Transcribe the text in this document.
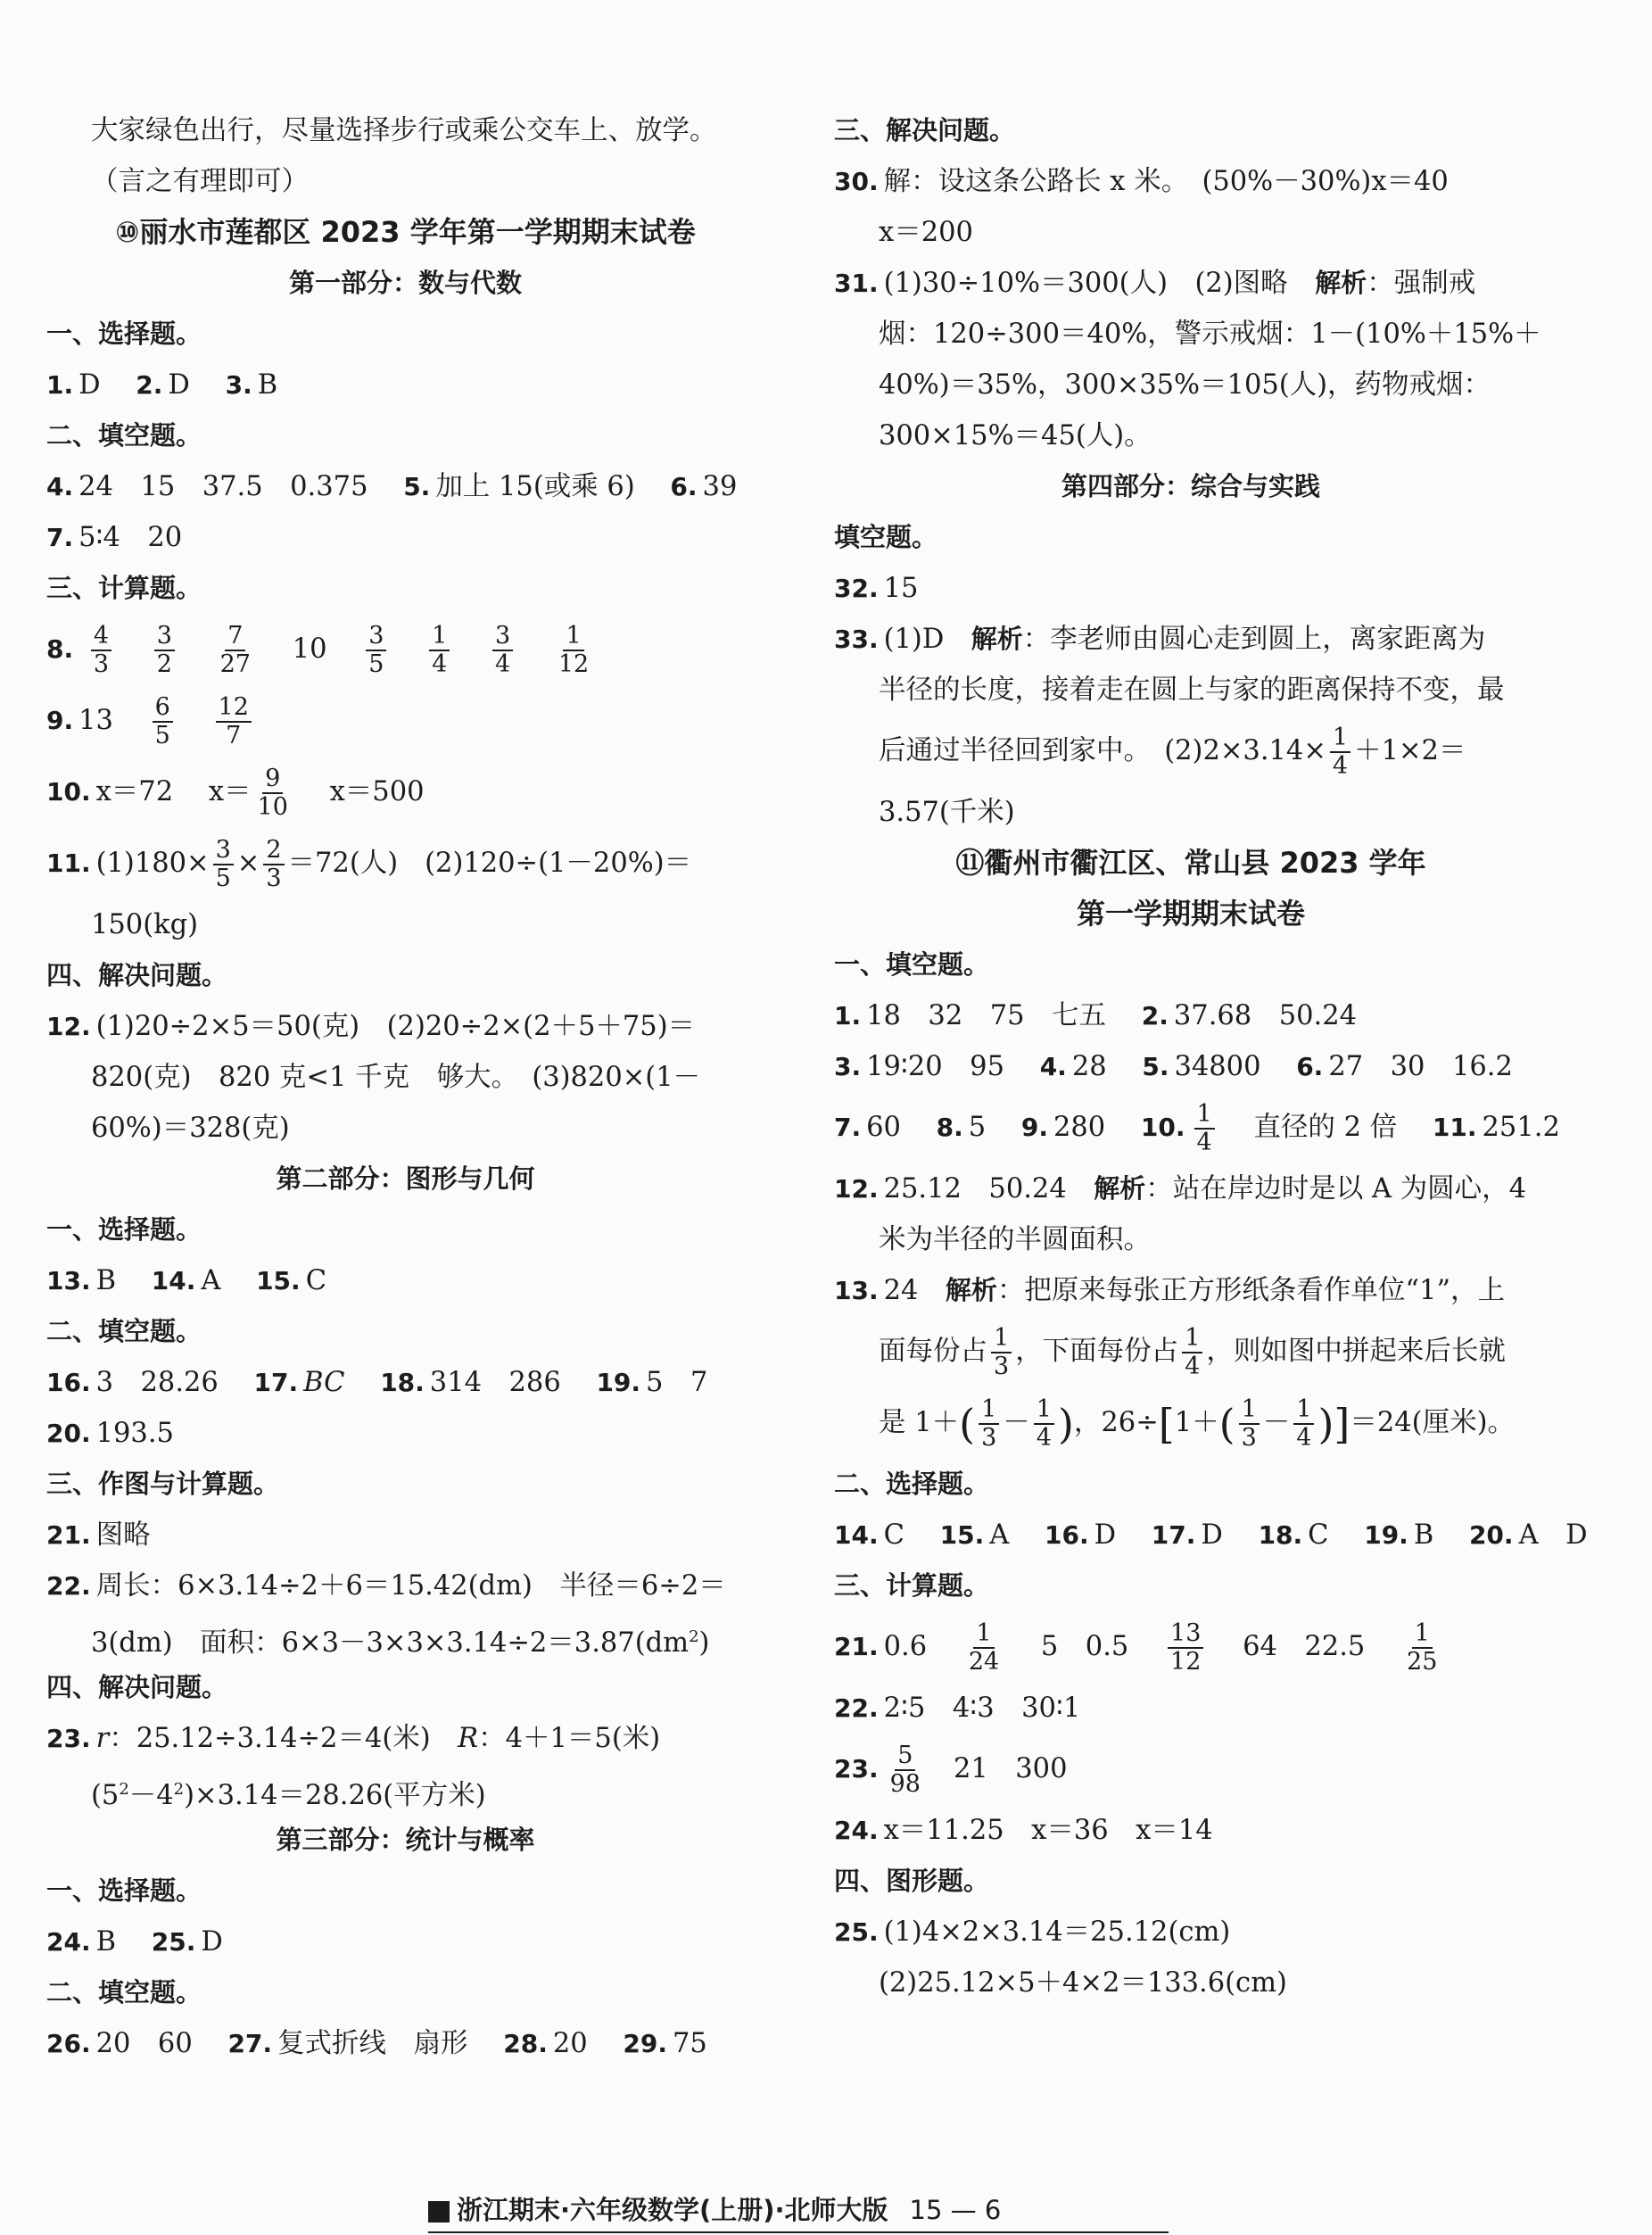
大家绿色出行，尽量选择步行或乘公交车上、放学。
（言之有理即可）
⑩丽水市莲都区 2023 学年第一学期期末试卷
第一部分：数与代数
一、选择题。
1. D 2. D 3. B
二、填空题。
4. 24　15　37.5　0.375 5. 加上 15(或乘 6) 6. 39
7. 5∶4　20
三、计算题。
8. $\frac{4}{3}$
$\frac{3}{2}$
$\frac{7}{27} 10 \frac{3}{5}$
$\frac{1}{4}$
$\frac{3}{4}$
$\frac{1}{12}$
9. $13 \frac{6}{5}$
$\frac{12}{7}$
10. x＝72 $x= \frac{9}{10} x=500$
11. $(1)180\times \frac{3}{5} \times \frac{2}{3} =72$(人) (2)120÷(1－20%)＝
150(kg)
四、解决问题。
12. (1)20÷2×5＝50(克)　(2)20÷2×(2＋5＋75)＝
820(克)　820 克<1 千克　够大。　(3)820×(1－
60%)＝328(克)
第二部分：图形与几何
一、选择题。
13. B 14. A 15. C
二、填空题。
16. 3　28.26 17. BC 18. 314　286 19. 5　7
20. 193.5
三、作图与计算题。
21. 图略
22. 周长：6×3.14÷2＋6＝15.42(dm)　半径＝6÷2＝
3(dm)　面积：$6\times 3-3\times 3\times 3.14\div 2=3.87(dm^2)$
四、解决问题。
23. r：25.12÷3.14÷2＝4(米)　R：4＋1＝5(米)
$(5^2-4^2)\times 3.14=28.26$(平方米)
第三部分：统计与概率
一、选择题。
24. B 25. D
二、填空题。
26. 20　60 27. 复式折线　扇形 28. 20 29. 75
三、解决问题。
30. 解：设这条公路长 x 米。　(50%－30%)x＝40
x＝200
31. (1)30÷10%＝300(人)　(2)图略　解析：强制戒
烟：120÷300＝40%，警示戒烟：1－(10%＋15%＋
40%)＝35%，300×35%＝105(人)，药物戒烟：
300×15%＝45(人)。
第四部分：综合与实践
填空题。
32. 15
33. (1)D　解析：李老师由圆心走到圆上，离家距离为
半径的长度，接着走在圆上与家的距离保持不变，最
后通过半径回到家中。　$(2)2\times 3.14\times \frac{1}{4} +1\times 2=$
3.57(千米)
⑪衢州市衢江区、常山县 2023 学年
第一学期期末试卷
一、填空题。
1. 18　32　75　七五 2. 37.68　50.24
3. 19∶20　95 4. 28 5. 34800 6. 27　30　16.2
7. 60 8. 5 9. 280 10. $\frac{1}{4}$ 直径的 2 倍 11. 251.2
12. 25.12　50.24　解析：站在岸边时是以 A 为圆心，4
米为半径的半圆面积。
13. 24　解析：把原来每张正方形纸条看作单位“1”，上
面每份占 $\frac{1}{3}$ ，下面每份占 $\frac{1}{4}$ ，则如图中拼起来后长就
是 $1+( \frac{1}{3} - \frac{1}{4}$ )，$26\div[1+( \frac{1}{3} - \frac{1}{4} )]=24$(厘米)。
二、选择题。
14. C 15. A 16. D 17. D 18. C 19. B 20. A　D
三、计算题。
21. $0.6 \frac{1}{24} 5$　$0.5 \frac{13}{12} 64$　$22.5 \frac{1}{25}$
22. 2∶5　4∶3　30∶1
23. $\frac{5}{98} 21$　300
24. x＝11.25　x＝36　x＝14
四、图形题。
25. (1)4×2×3.14＝25.12(cm)
(2)25.12×5＋4×2＝133.6(cm)
浙江期末·六年级数学(上册)·北师大版 15 — 6
